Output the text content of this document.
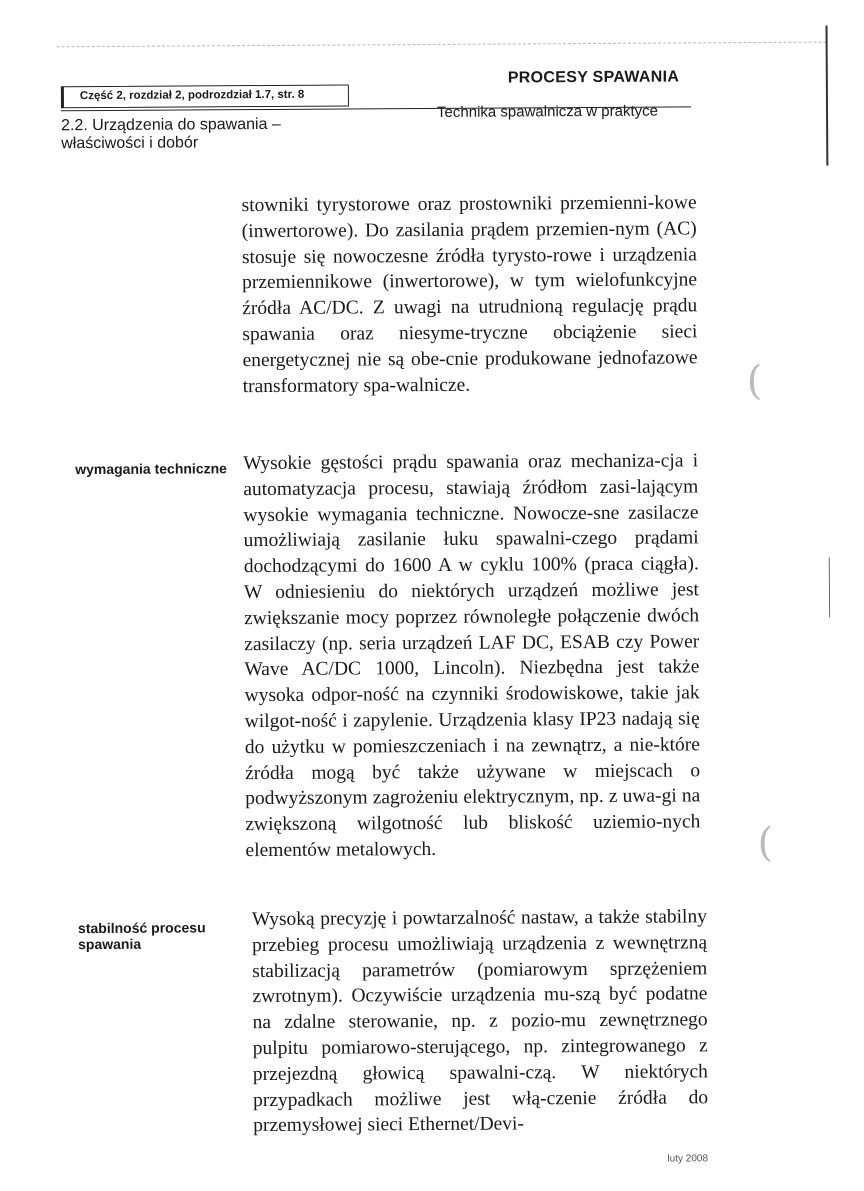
(
(
Część 2, rozdział 2, podrozdział 1.7, str. 8
PROCESY SPAWANIA
2.2. Urządzenia do spawania – właściwości i dobór
Technika spawalnicza w praktyce
stowniki tyrystorowe oraz prostowniki przemienni-kowe (inwertorowe). Do zasilania prądem przemien-nym (AC) stosuje się nowoczesne źródła tyrysto-rowe i urządzenia przemiennikowe (inwertorowe), w tym wielofunkcyjne źródła AC/DC. Z uwagi na utrudnioną regulację prądu spawania oraz niesyme-tryczne obciążenie sieci energetycznej nie są obe-cnie produkowane jednofazowe transformatory spa-walnicze.
wymagania techniczne Wysokie gęstości prądu spawania oraz mechaniza-cja i automatyzacja procesu, stawiają źródłom zasi-lającym wysokie wymagania techniczne. Nowocze-sne zasilacze umożliwiają zasilanie łuku spawalni-czego prądami dochodzącymi do 1600 A w cyklu 100% (praca ciągła). W odniesieniu do niektórych urządzeń możliwe jest zwiększanie mocy poprzez równoległe połączenie dwóch zasilaczy (np. seria urządzeń LAF DC, ESAB czy Power Wave AC/DC 1000, Lincoln). Niezbędna jest także wysoka odpor-ność na czynniki środowiskowe, takie jak wilgot-ność i zapylenie. Urządzenia klasy IP23 nadają się do użytku w pomieszczeniach i na zewnątrz, a nie-które źródła mogą być także używane w miejscach o podwyższonym zagrożeniu elektrycznym, np. z uwa-gi na zwiększoną wilgotność lub bliskość uziemio-nych elementów metalowych.
stabilność procesu spawania
Wysoką precyzję i powtarzalność nastaw, a także stabilny przebieg procesu umożliwiają urządzenia z wewnętrzną stabilizacją parametrów (pomiarowym sprzężeniem zwrotnym). Oczywiście urządzenia mu-szą być podatne na zdalne sterowanie, np. z pozio-mu zewnętrznego pulpitu pomiarowo-sterującego, np. zintegrowanego z przejezdną głowicą spawalni-czą. W niektórych przypadkach możliwe jest włą-czenie źródła do przemysłowej sieci Ethernet/Devi-
luty 2008
